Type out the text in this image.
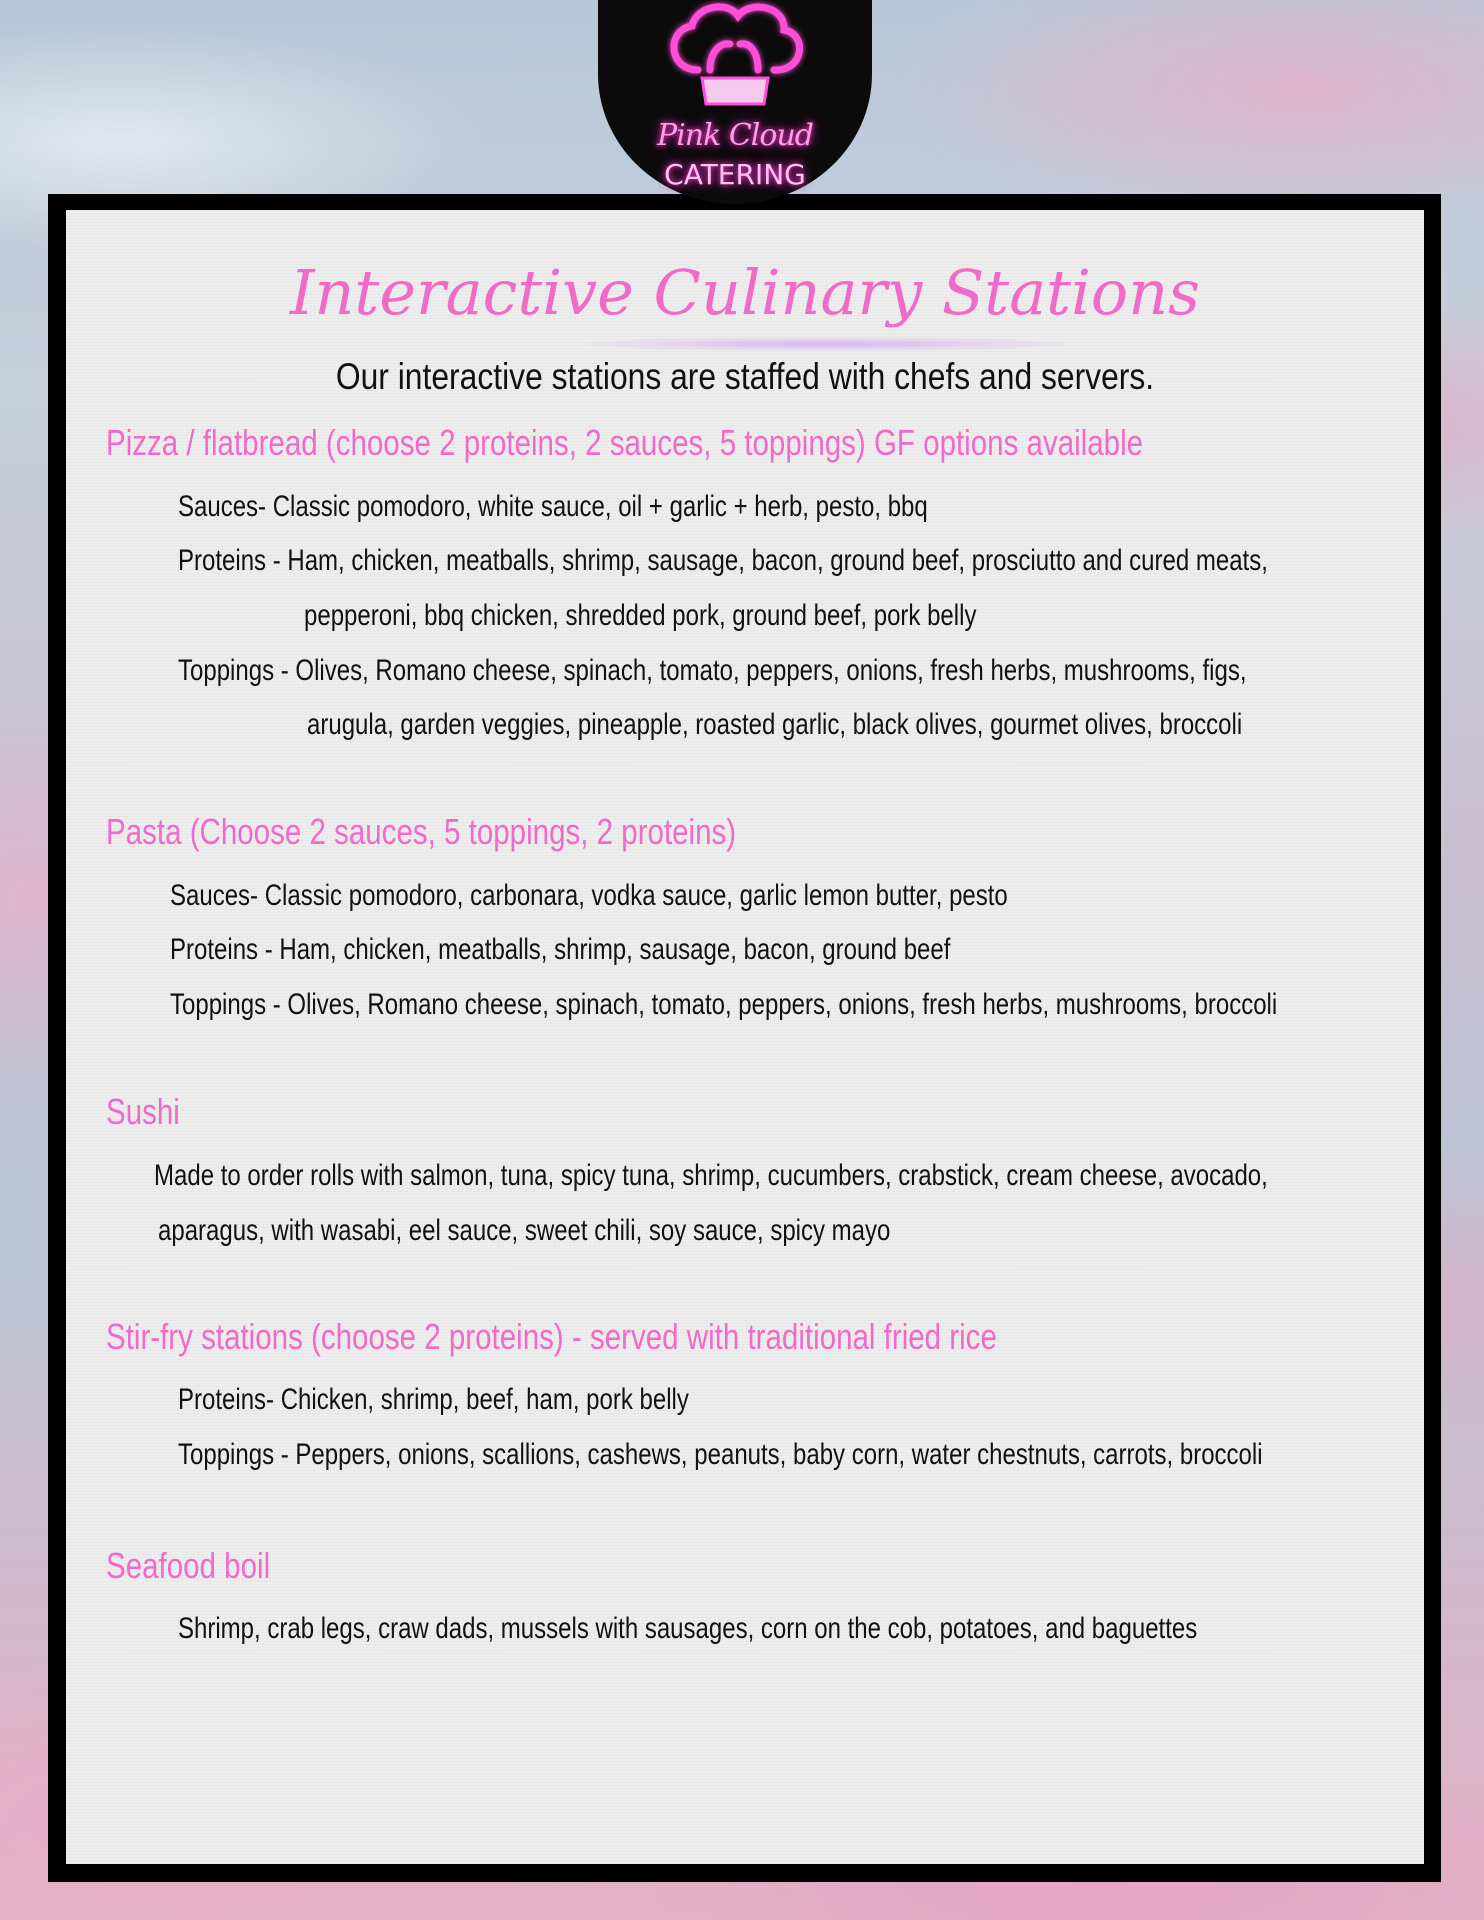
Pink Cloud
CATERING
Interactive Culinary Stations
Our interactive stations are staffed with chefs and servers.
Pizza / flatbread (choose 2 proteins, 2 sauces, 5 toppings) GF options available
Sauces- Classic pomodoro, white sauce, oil + garlic + herb, pesto, bbq
Proteins - Ham, chicken, meatballs, shrimp, sausage, bacon, ground beef, prosciutto and cured meats,
pepperoni, bbq chicken, shredded pork, ground beef, pork belly
Toppings - Olives, Romano cheese, spinach, tomato, peppers, onions, fresh herbs, mushrooms, figs,
arugula, garden veggies, pineapple, roasted garlic, black olives, gourmet olives, broccoli
Pasta (Choose 2 sauces, 5 toppings, 2 proteins)
Sauces- Classic pomodoro, carbonara, vodka sauce, garlic lemon butter, pesto
Proteins - Ham, chicken, meatballs, shrimp, sausage, bacon, ground beef
Toppings - Olives, Romano cheese, spinach, tomato, peppers, onions, fresh herbs, mushrooms, broccoli
Sushi
Made to order rolls with salmon, tuna, spicy tuna, shrimp, cucumbers, crabstick, cream cheese, avocado,
aparagus, with wasabi, eel sauce, sweet chili, soy sauce, spicy mayo
Stir-fry stations (choose 2 proteins) - served with traditional fried rice
Proteins- Chicken, shrimp, beef, ham, pork belly
Toppings - Peppers, onions, scallions, cashews, peanuts, baby corn, water chestnuts, carrots, broccoli
Seafood boil
Shrimp, crab legs, craw dads, mussels with sausages, corn on the cob, potatoes, and baguettes
